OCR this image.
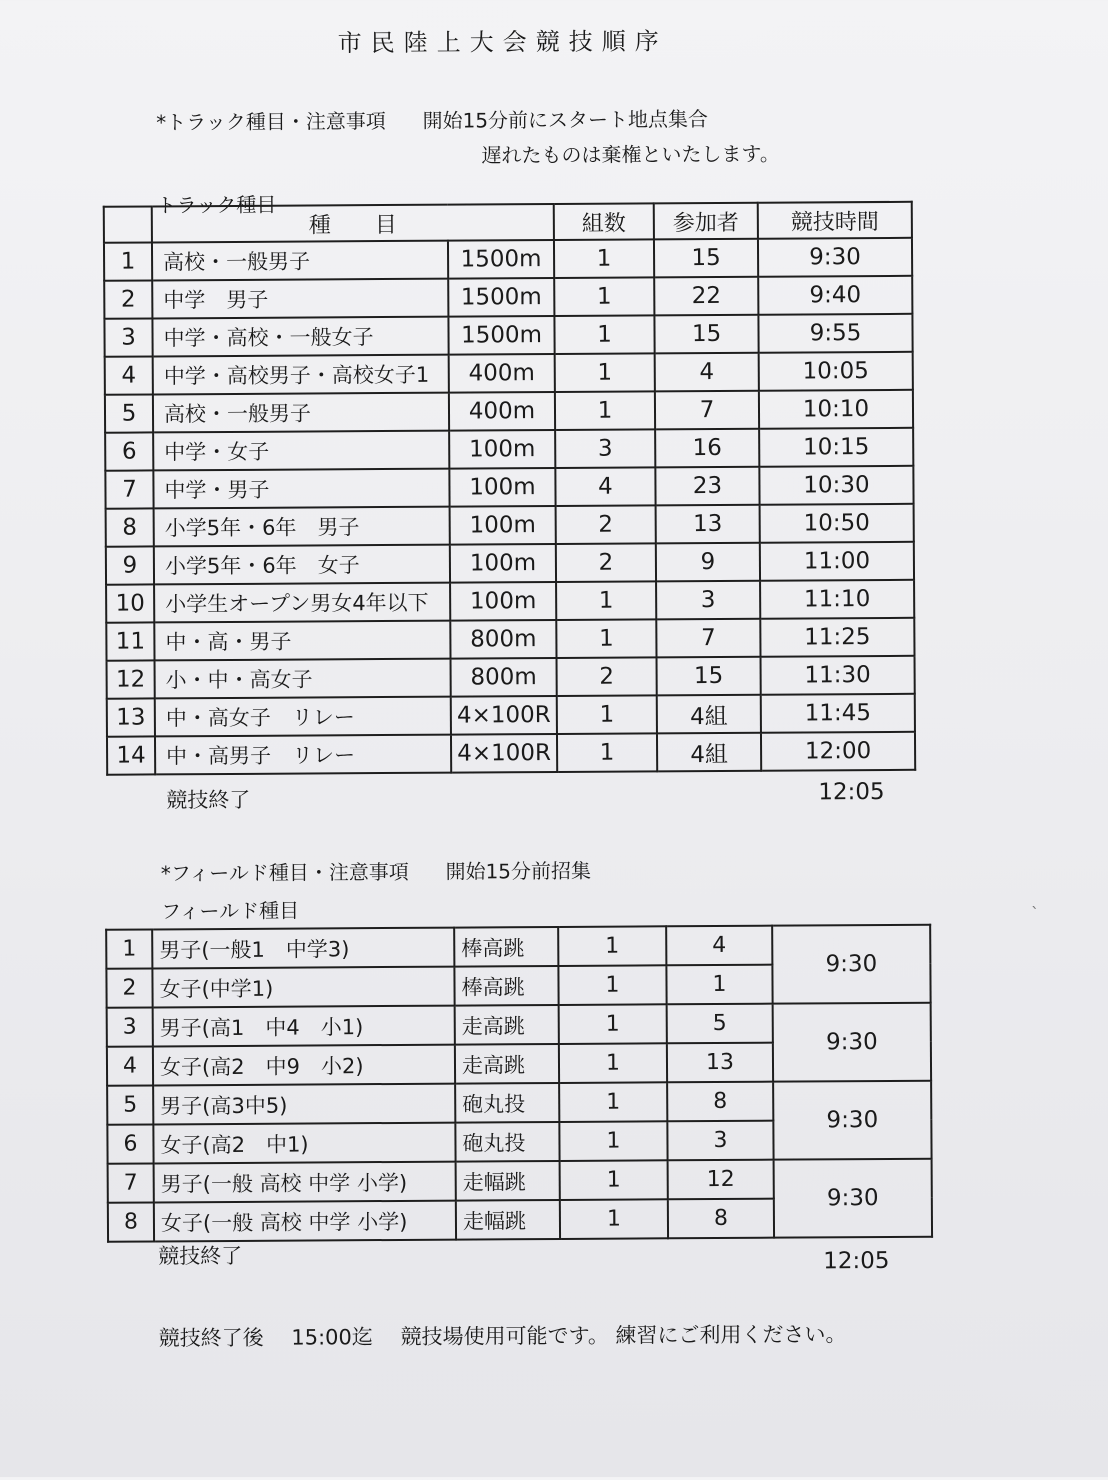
市民陸上大会競技順序
*トラック種目・注意事項 開始15分前にスタート地点集合
遅れたものは棄権といたします。
トラック種目
	種　　目		組数	参加者	競技時間
1	高校・一般男子	1500m	1	15	9:30
2	中学　男子	1500m	1	22	9:40
3	中学・高校・一般女子	1500m	1	15	9:55
4	中学・高校男子・高校女子1	400m	1	4	10:05
5	高校・一般男子	400m	1	7	10:10
6	中学・女子	100m	3	16	10:15
7	中学・男子	100m	4	23	10:30
8	小学5年・6年　男子	100m	2	13	10:50
9	小学5年・6年　女子	100m	2	9	11:00
10	小学生オープン男女4年以下	100m	1	3	11:10
11	中・高・男子	800m	1	7	11:25
12	小・中・高女子	800m	2	15	11:30
13	中・高女子　リレー	4×100R	1	4組	11:45
14	中・高男子　リレー	4×100R	1	4組	12:00
競技終了	12:05
*フィールド種目・注意事項 開始15分前招集
フィールド種目
1	男子(一般1　中学3)	棒高跳	1	4	9:30
2	女子(中学1)	棒高跳	1	1	
3	男子(高1　中4　小1)	走高跳	1	5	9:30
4	女子(高2　中9　小2)	走高跳	1	13	
5	男子(高3中5)	砲丸投	1	8	9:30
6	女子(高2　中1)	砲丸投	1	3	
7	男子(一般 高校 中学 小学)	走幅跳	1	12	9:30
8	女子(一般 高校 中学 小学)	走幅跳	1	8	
競技終了	12:05
競技終了後　 15:00迄　 競技場使用可能です。 練習にご利用ください。
ˎ
